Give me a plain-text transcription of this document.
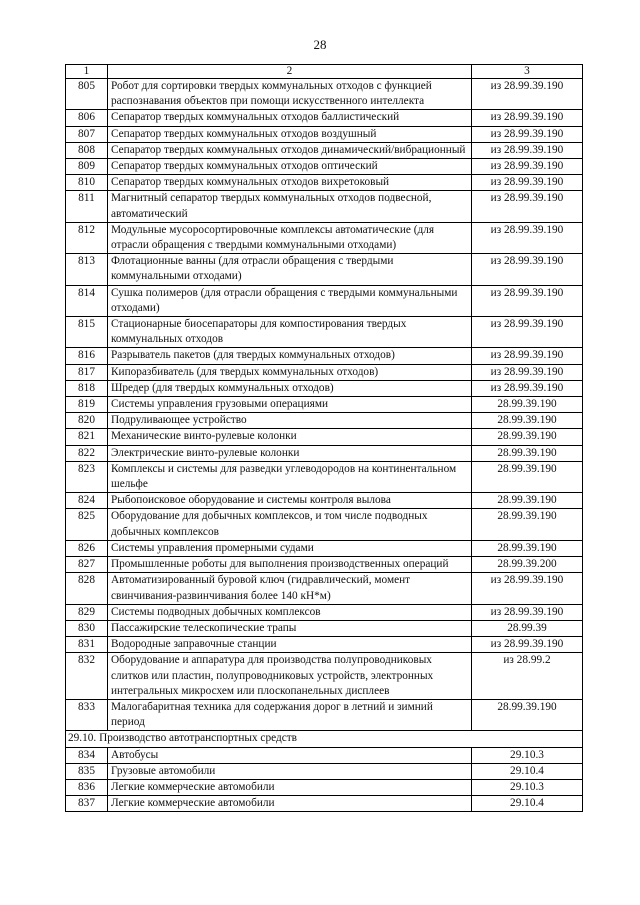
28
1	2	3
805	Робот для сортировки твердых коммунальных отходов с функцией распознавания объектов при помощи искусственного интеллекта	из 28.99.39.190
806	Сепаратор твердых коммунальных отходов баллистический	из 28.99.39.190
807	Сепаратор твердых коммунальных отходов воздушный	из 28.99.39.190
808	Сепаратор твердых коммунальных отходов динамический/вибрационный	из 28.99.39.190
809	Сепаратор твердых коммунальных отходов оптический	из 28.99.39.190
810	Сепаратор твердых коммунальных отходов вихретоковый	из 28.99.39.190
811	Магнитный сепаратор твердых коммунальных отходов подвесной, автоматический	из 28.99.39.190
812	Модульные мусоросортировочные комплексы автоматические (для отрасли обращения с твердыми коммунальными отходами)	из 28.99.39.190
813	Флотационные ванны (для отрасли обращения с твердыми коммунальными отходами)	из 28.99.39.190
814	Сушка полимеров (для отрасли обращения с твердыми коммунальными отходами)	из 28.99.39.190
815	Стационарные биосепараторы для компостирования твердых коммунальных отходов	из 28.99.39.190
816	Разрыватель пакетов (для твердых коммунальных отходов)	из 28.99.39.190
817	Кипоразбиватель (для твердых коммунальных отходов)	из 28.99.39.190
818	Шредер (для твердых коммунальных отходов)	из 28.99.39.190
819	Системы управления грузовыми операциями	28.99.39.190
820	Подруливающее устройство	28.99.39.190
821	Механические винто-рулевые колонки	28.99.39.190
822	Электрические винто-рулевые колонки	28.99.39.190
823	Комплексы и системы для разведки углеводородов на континентальном шельфе	28.99.39.190
824	Рыбопоисковое оборудование и системы контроля вылова	28.99.39.190
825	Оборудование для добычных комплексов, и том числе подводных добычных комплексов	28.99.39.190
826	Системы управления промерными судами	28.99.39.190
827	Промышленные роботы для выполнения производственных операций	28.99.39.200
828	Автоматизированный буровой ключ (гидравлический, момент свинчивания-развинчивания более 140 кН*м)	из 28.99.39.190
829	Системы подводных добычных комплексов	из 28.99.39.190
830	Пассажирские телескопические трапы	28.99.39
831	Водородные заправочные станции	из 28.99.39.190
832	Оборудование и аппаратура для производства полупроводниковых слитков или пластин, полупроводниковых устройств, электронных интегральных микросхем или плоскопанельных дисплеев	из 28.99.2
833	Малогабаритная техника для содержания дорог в летний и зимний период	28.99.39.190
29.10. Производство автотранспортных средств		
834	Автобусы	29.10.3
835	Грузовые автомобили	29.10.4
836	Легкие коммерческие автомобили	29.10.3
837	Легкие коммерческие автомобили	29.10.4
